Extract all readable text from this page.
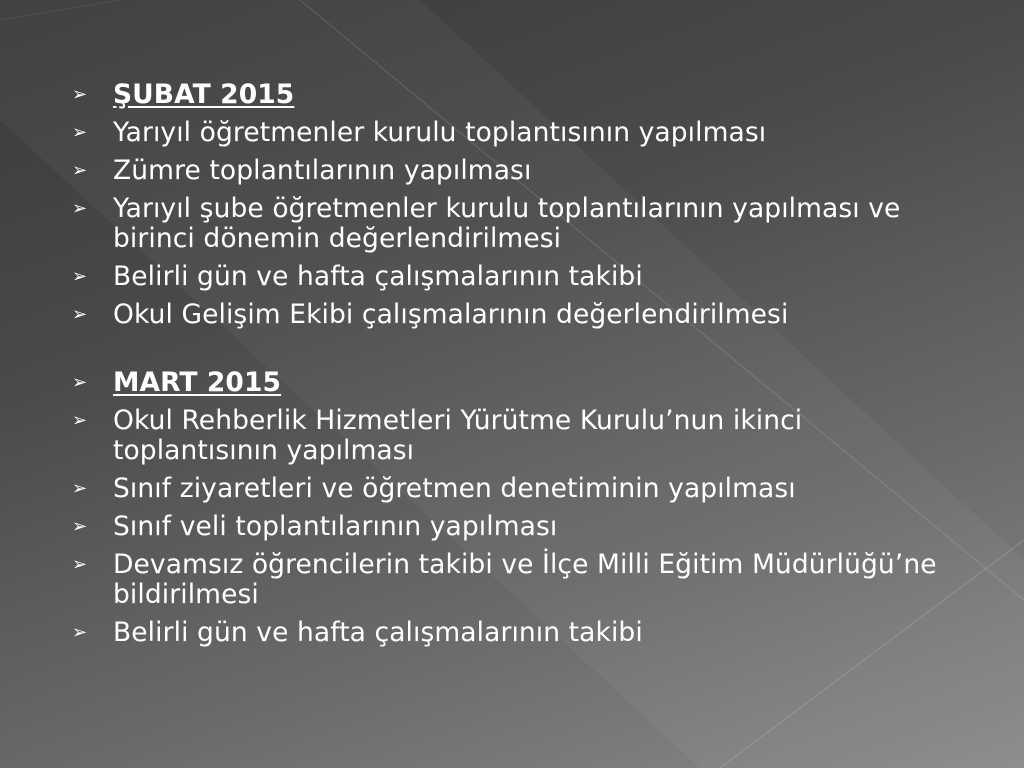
➢ ŞUBAT 2015
➢ Yarıyıl öğretmenler kurulu toplantısının yapılması
➢ Zümre toplantılarının yapılması
➢ Yarıyıl şube öğretmenler kurulu toplantılarının yapılması ve birinci dönemin değerlendirilmesi
➢ Belirli gün ve hafta çalışmalarının takibi
➢ Okul Gelişim Ekibi çalışmalarının değerlendirilmesi
➢ MART 2015
➢ Okul Rehberlik Hizmetleri Yürütme Kurulu’nun ikinci toplantısının yapılması
➢ Sınıf ziyaretleri ve öğretmen denetiminin yapılması
➢ Sınıf veli toplantılarının yapılması
➢ Devamsız öğrencilerin takibi ve İlçe Milli Eğitim Müdürlüğü’ne bildirilmesi
➢ Belirli gün ve hafta çalışmalarının takibi
